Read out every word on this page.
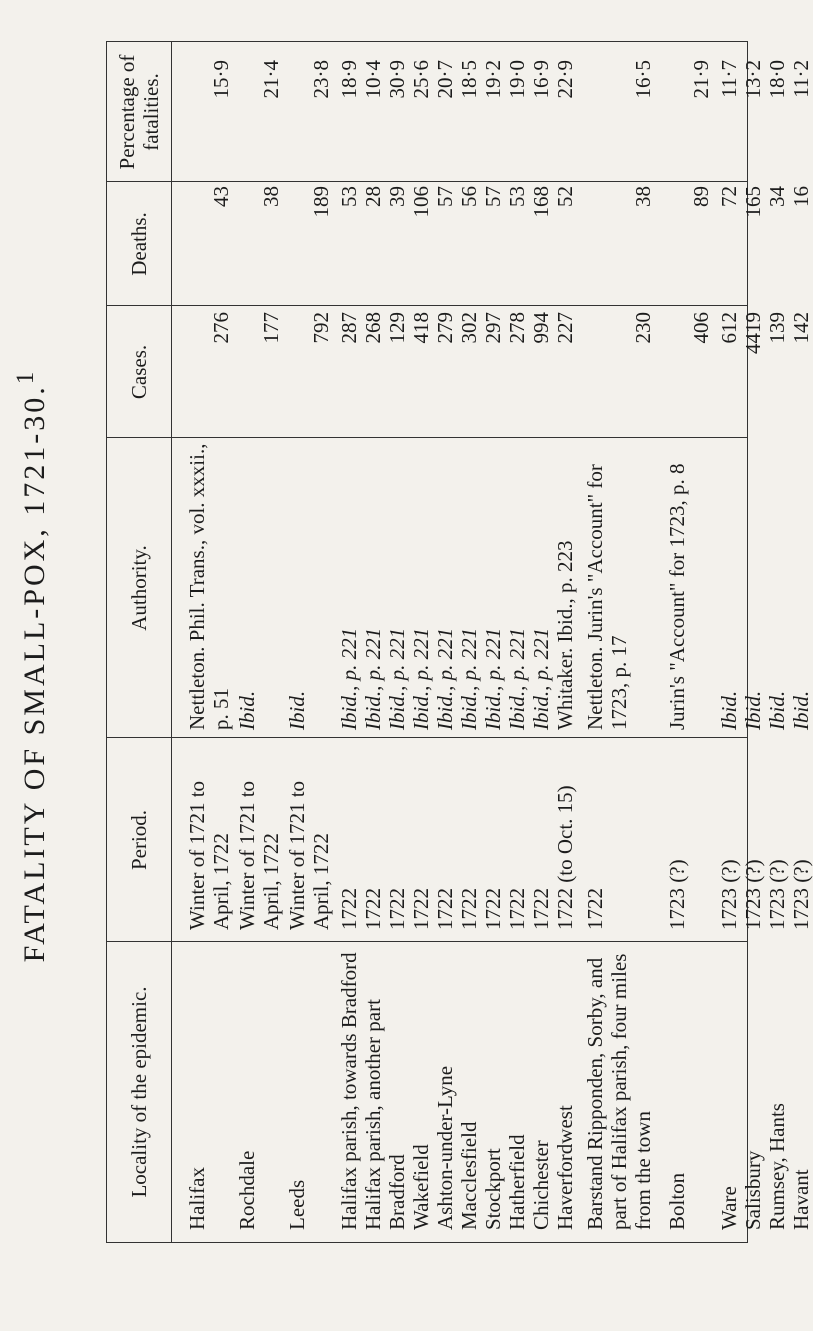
FATALITY OF SMALL-POX, 1721-30.$^1$
Locality of the epidemic.
Period.
Authority.
Cases.
Deaths.
Percentage of fatalities.
Halifax
Winter of 1721 to April, 1722
Nettleton. Phil. Trans., vol. xxxii., p. 51
276
43
15·9
Rochdale
Winter of 1721 to April, 1722
Ibid.
177
38
21·4
Leeds
Winter of 1721 to April, 1722
Ibid.
792
189
23·8
Halifax parish, towards Bradford
1722
Ibid., p. 221
287
53
18·9
Halifax parish, another part
1722
Ibid., p. 221
268
28
10·4
Bradford
1722
Ibid., p. 221
129
39
30·9
Wakefield
1722
Ibid., p. 221
418
106
25·6
Ashton-under-Lyne
1722
Ibid., p. 221
279
57
20·7
Macclesfield
1722
Ibid., p. 221
302
56
18·5
Stockport
1722
Ibid., p. 221
297
57
19·2
Hatherfield
1722
Ibid., p. 221
278
53
19·0
Chichester
1722
Ibid., p. 221
994
168
16·9
Haverfordwest
1722 (to Oct. 15)
Whitaker. Ibid., p. 223
227
52
22·9
Barstand Ripponden, Sorby, and part of Halifax parish, four miles from the town
1722
Nettleton. Jurin's "Account" for 1723, p. 17
230
38
16·5
Bolton
1723 (?)
Jurin's "Account" for 1723, p. 8
406
89
21·9
Ware
1723 (?)
Ibid.
612
72
11·7
Salisbury
1723 (?)
Ibid.
4419
165
13·2
Rumsey, Hants
1723 (?)
Ibid.
139
34
18·0
Havant
1723 (?)
Ibid.
142
16
11·2
